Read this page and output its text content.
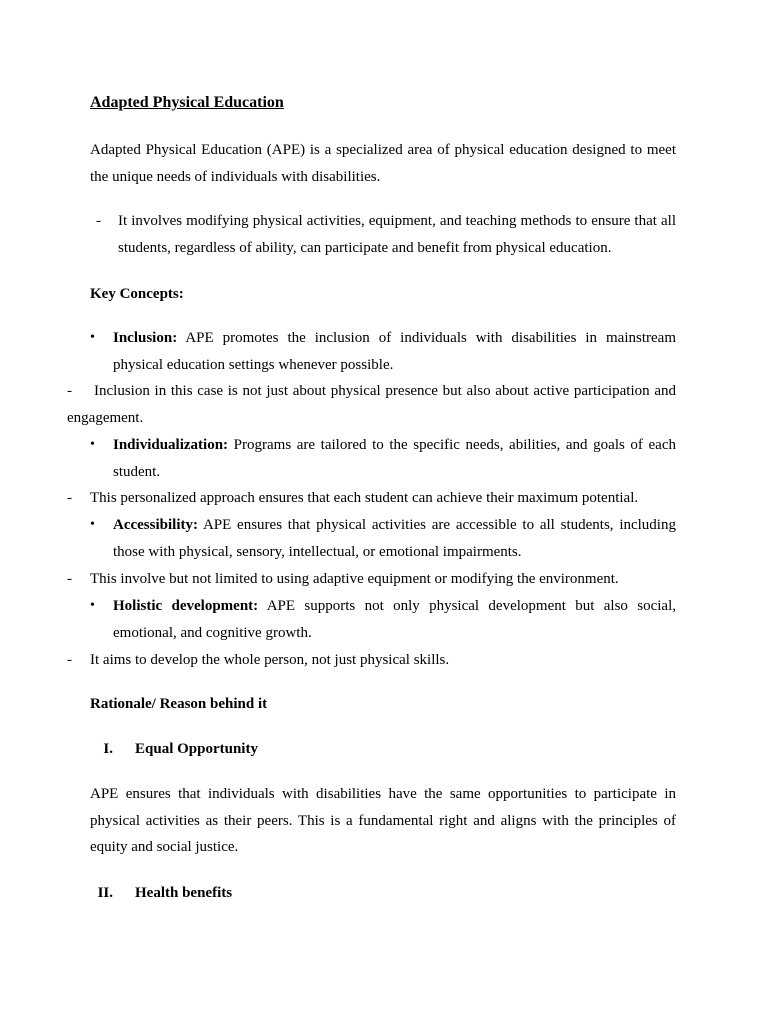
Adapted Physical Education
Adapted Physical Education (APE) is a specialized area of physical education designed to meet the unique needs of individuals with disabilities.
- It involves modifying physical activities, equipment, and teaching methods to ensure that all students, regardless of ability, can participate and benefit from physical education.
Key Concepts:
• Inclusion: APE promotes the inclusion of individuals with disabilities in mainstream physical education settings whenever possible.
-	Inclusion in this case is not just about physical presence but also about active participation and engagement.
• Individualization: Programs are tailored to the specific needs, abilities, and goals of each student.
- This personalized approach ensures that each student can achieve their maximum potential.
• Accessibility: APE ensures that physical activities are accessible to all students, including those with physical, sensory, intellectual, or emotional impairments.
- This involve but not limited to using adaptive equipment or modifying the environment.
• Holistic development: APE supports not only physical development but also social, emotional, and cognitive growth.
- It aims to develop the whole person, not just physical skills.
Rationale/ Reason behind it
I. Equal Opportunity
APE ensures that individuals with disabilities have the same opportunities to participate in physical activities as their peers. This is a fundamental right and aligns with the principles of equity and social justice.
II. Health benefits
